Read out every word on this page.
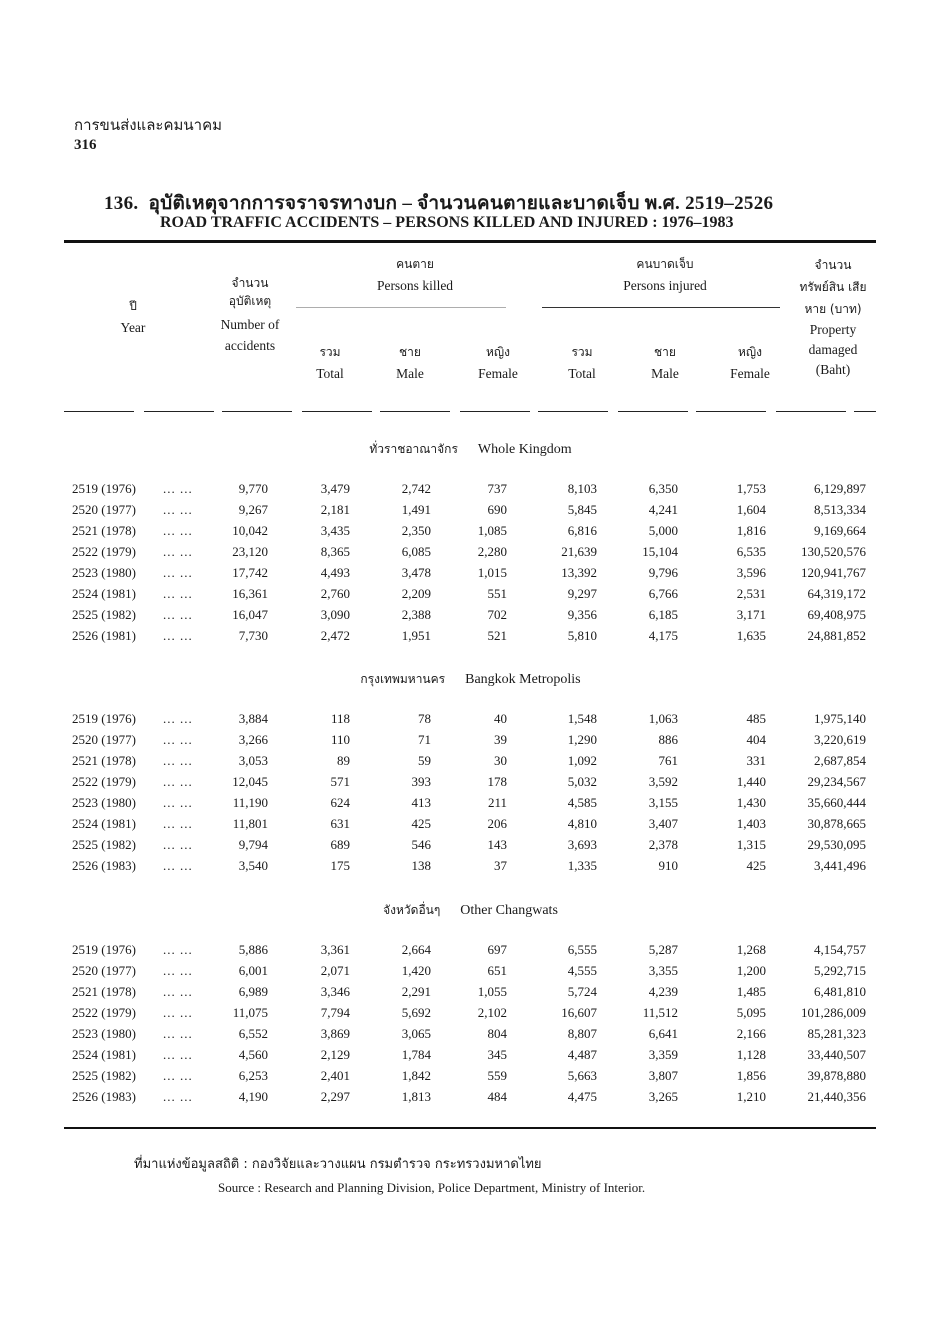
การขนส่งและคมนาคม
316
136. อุบัติเหตุจากการจราจรทางบก – จำนวนคนตายและบาดเจ็บ พ.ศ. 2519–2526
ROAD TRAFFIC ACCIDENTS – PERSONS KILLED AND INJURED : 1976–1983
ปี
Year
จำนวน อุบัติเหตุ
Number of accidents
คนตาย
Persons killed
คนบาดเจ็บ
Persons injured
รวม
Total
ชาย
Male
หญิง
Female
รวม
Total
ชาย
Male
หญิง
Female
จำนวน ทรัพย์สิน เสียหาย (บาท)
Property damaged (Baht)
ทั่วราชอาณาจักร Whole Kingdom
2519 (1976) ... ...	9,770	3,479	2,742	737	8,103	6,350	1,753	6,129,897
2520 (1977) ... ...	9,267	2,181	1,491	690	5,845	4,241	1,604	8,513,334
2521 (1978) ... ...	10,042	3,435	2,350	1,085	6,816	5,000	1,816	9,169,664
2522 (1979) ... ...	23,120	8,365	6,085	2,280	21,639	15,104	6,535	130,520,576
2523 (1980) ... ...	17,742	4,493	3,478	1,015	13,392	9,796	3,596	120,941,767
2524 (1981) ... ...	16,361	2,760	2,209	551	9,297	6,766	2,531	64,319,172
2525 (1982) ... ...	16,047	3,090	2,388	702	9,356	6,185	3,171	69,408,975
2526 (1981) ... ...	7,730	2,472	1,951	521	5,810	4,175	1,635	24,881,852
กรุงเทพมหานคร Bangkok Metropolis
2519 (1976) ... ...	3,884	118	78	40	1,548	1,063	485	1,975,140
2520 (1977) ... ...	3,266	110	71	39	1,290	886	404	3,220,619
2521 (1978) ... ...	3,053	89	59	30	1,092	761	331	2,687,854
2522 (1979) ... ...	12,045	571	393	178	5,032	3,592	1,440	29,234,567
2523 (1980) ... ...	11,190	624	413	211	4,585	3,155	1,430	35,660,444
2524 (1981) ... ...	11,801	631	425	206	4,810	3,407	1,403	30,878,665
2525 (1982) ... ...	9,794	689	546	143	3,693	2,378	1,315	29,530,095
2526 (1983) ... ...	3,540	175	138	37	1,335	910	425	3,441,496
จังหวัดอื่นๆ Other Changwats
2519 (1976) ... ...	5,886	3,361	2,664	697	6,555	5,287	1,268	4,154,757
2520 (1977) ... ...	6,001	2,071	1,420	651	4,555	3,355	1,200	5,292,715
2521 (1978) ... ...	6,989	3,346	2,291	1,055	5,724	4,239	1,485	6,481,810
2522 (1979) ... ...	11,075	7,794	5,692	2,102	16,607	11,512	5,095	101,286,009
2523 (1980) ... ...	6,552	3,869	3,065	804	8,807	6,641	2,166	85,281,323
2524 (1981) ... ...	4,560	2,129	1,784	345	4,487	3,359	1,128	33,440,507
2525 (1982) ... ...	6,253	2,401	1,842	559	5,663	3,807	1,856	39,878,880
2526 (1983) ... ...	4,190	2,297	1,813	484	4,475	3,265	1,210	21,440,356
ที่มาแห่งข้อมูลสถิติ : กองวิจัยและวางแผน กรมตำรวจ กระทรวงมหาดไทย
Source : Research and Planning Division, Police Department, Ministry of Interior.
